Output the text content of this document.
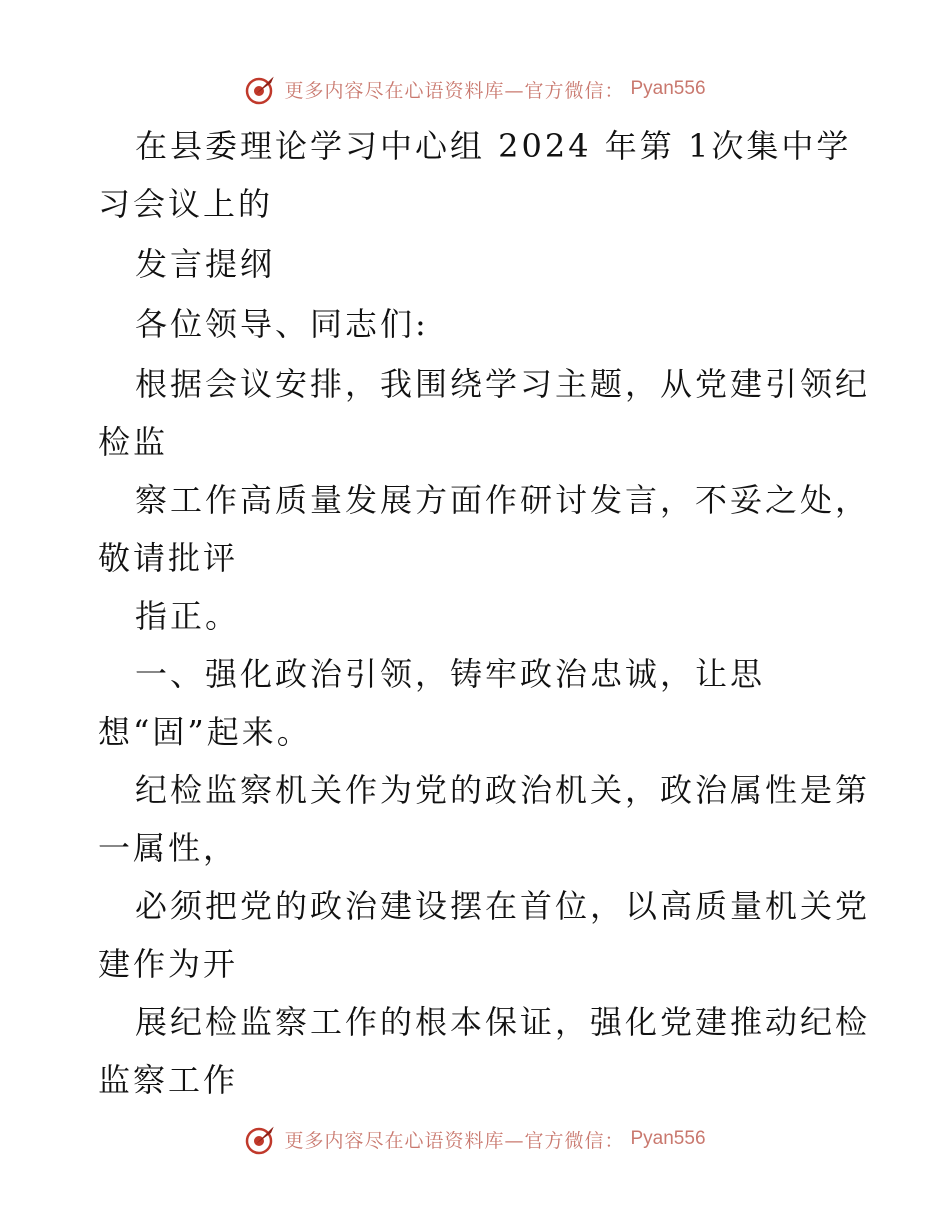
更多内容尽在心语资料库—官方微信： Pyan556
在县委理论学习中心组 2024 年第 1次集中学
习会议上的
发言提纲
各位领导、同志们:
根据会议安排，我围绕学习主题，从党建引领纪
检监
察工作高质量发展方面作研讨发言，不妥之处，
敬请批评
指正。
一、强化政治引领，铸牢政治忠诚，让思
想“固”起来。
纪检监察机关作为党的政治机关，政治属性是第
一属性，
必须把党的政治建设摆在首位，以高质量机关党
建作为开
展纪检监察工作的根本保证，强化党建推动纪检
监察工作
更多内容尽在心语资料库—官方微信： Pyan556
